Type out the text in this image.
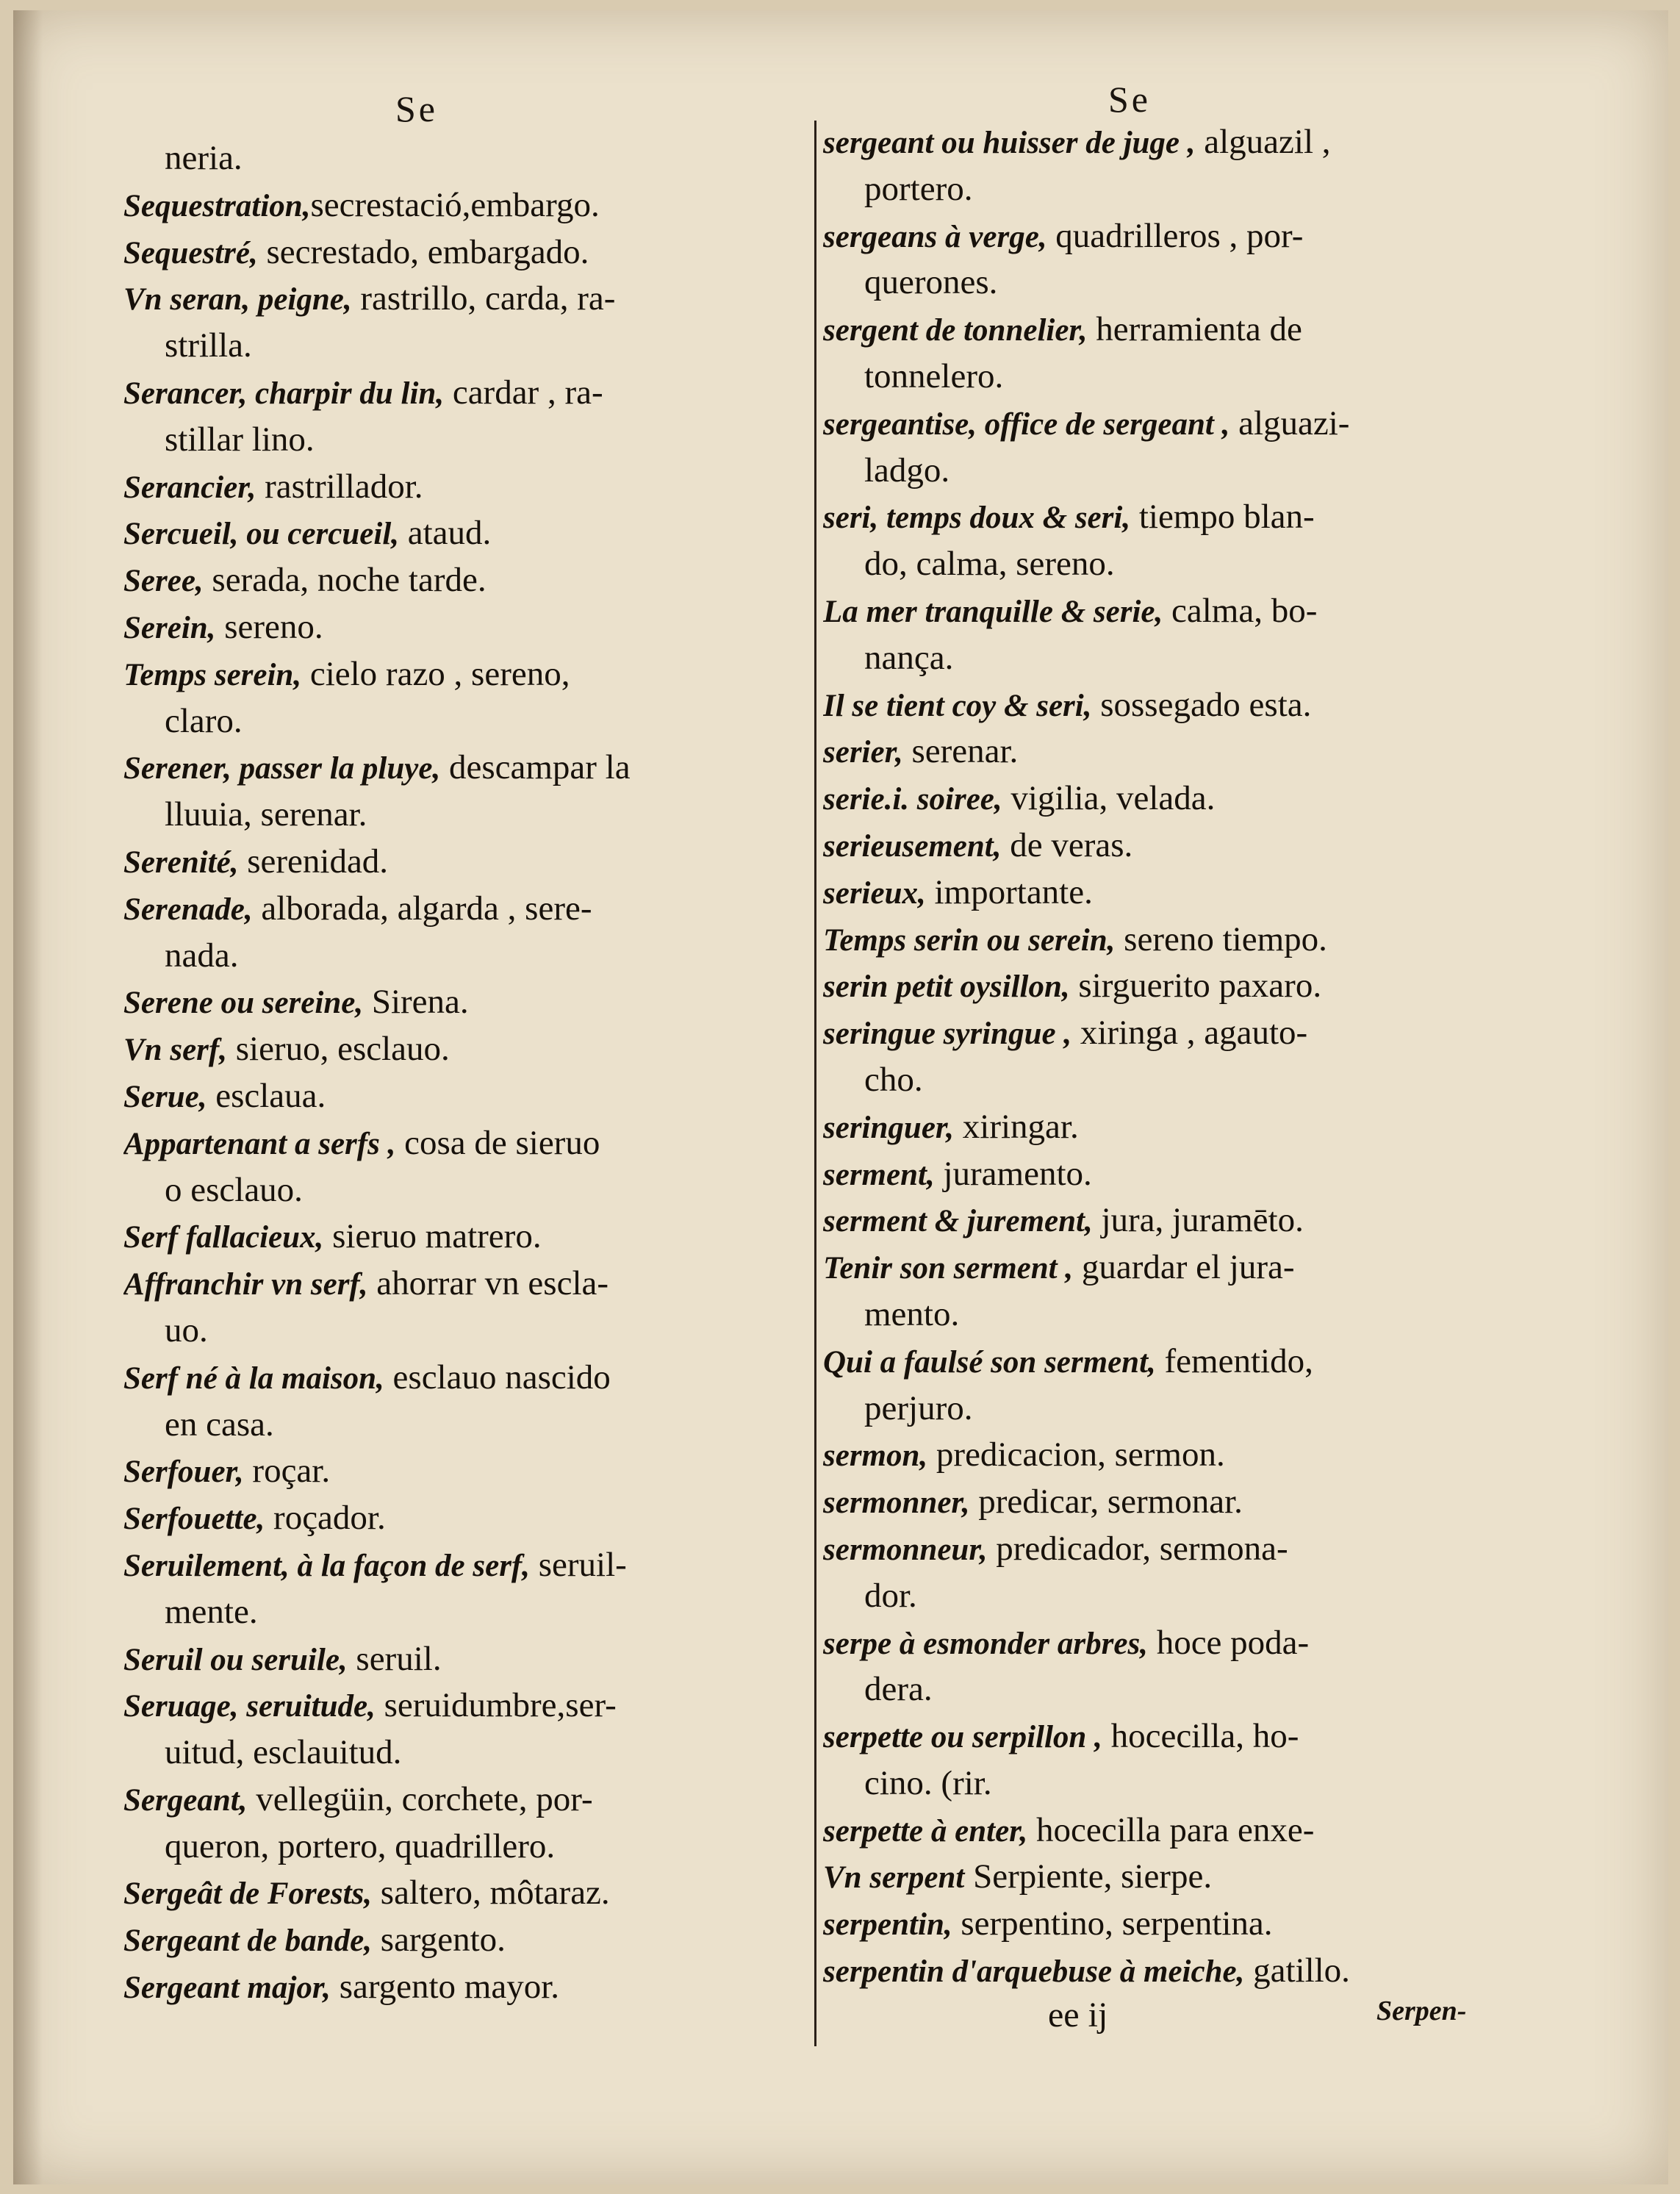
Se	Se
neria.
Sequestration,secrestació,embargo.
Sequestré, secrestado, embargado.
Vn seran, peigne, rastrillo, carda, ra-
strilla.
Serancer, charpir du lin, cardar , ra-
stillar lino.
Serancier, rastrillador.
Sercueil, ou cercueil, ataud.
Seree, serada, noche tarde.
Serein, sereno.
Temps serein, cielo razo , sereno,
claro.
Serener, passer la pluye, descampar la
lluuia, serenar.
Serenité, serenidad.
Serenade, alborada, algarda , sere-
nada.
Serene ou sereine, Sirena.
Vn serf, sieruo, esclauo.
Serue, esclaua.
Appartenant a serfs , cosa de sieruo
o esclauo.
Serf fallacieux, sieruo matrero.
Affranchir vn serf, ahorrar vn escla-
uo.
Serf né à la maison, esclauo nascido
en casa.
Serfouer, roçar.
Serfouette, roçador.
Seruilement, à la façon de serf, seruil-
mente.
Seruil ou seruile, seruil.
Seruage, seruitude, seruidumbre,ser-
uitud, esclauitud.
Sergeant, vellegüin, corchete, por-
queron, portero, quadrillero.
Sergeât de Forests, saltero, môtaraz.
Sergeant de bande, sargento.
Sergeant major, sargento mayor.
sergeant ou huisser de juge , alguazil ,
portero.
sergeans à verge, quadrilleros , por-
querones.
sergent de tonnelier, herramienta de
tonnelero.
sergeantise, office de sergeant , alguazi-
ladgo.
seri, temps doux & seri, tiempo blan-
do, calma, sereno.
La mer tranquille & serie, calma, bo-
nança.
Il se tient coy & seri, sossegado esta.
serier, serenar.
serie.i. soiree, vigilia, velada.
serieusement, de veras.
serieux, importante.
Temps serin ou serein, sereno tiempo.
serin petit oysillon, sirguerito paxaro.
seringue syringue , xiringa , agauto-
cho.
seringuer, xiringar.
serment, juramento.
serment & jurement, jura, juramēto.
Tenir son serment , guardar el jura-
mento.
Qui a faulsé son serment, fementido,
perjuro.
sermon, predicacion, sermon.
sermonner, predicar, sermonar.
sermonneur, predicador, sermona-
dor.
serpe à esmonder arbres, hoce poda-
dera.
serpette ou serpillon , hocecilla, ho-
cino. (rir.
serpette à enter, hocecilla para enxe-
Vn serpent Serpiente, sierpe.
serpentin, serpentino, serpentina.
serpentin d'arquebuse à meiche, gatillo.
ee ij	Serpen-
